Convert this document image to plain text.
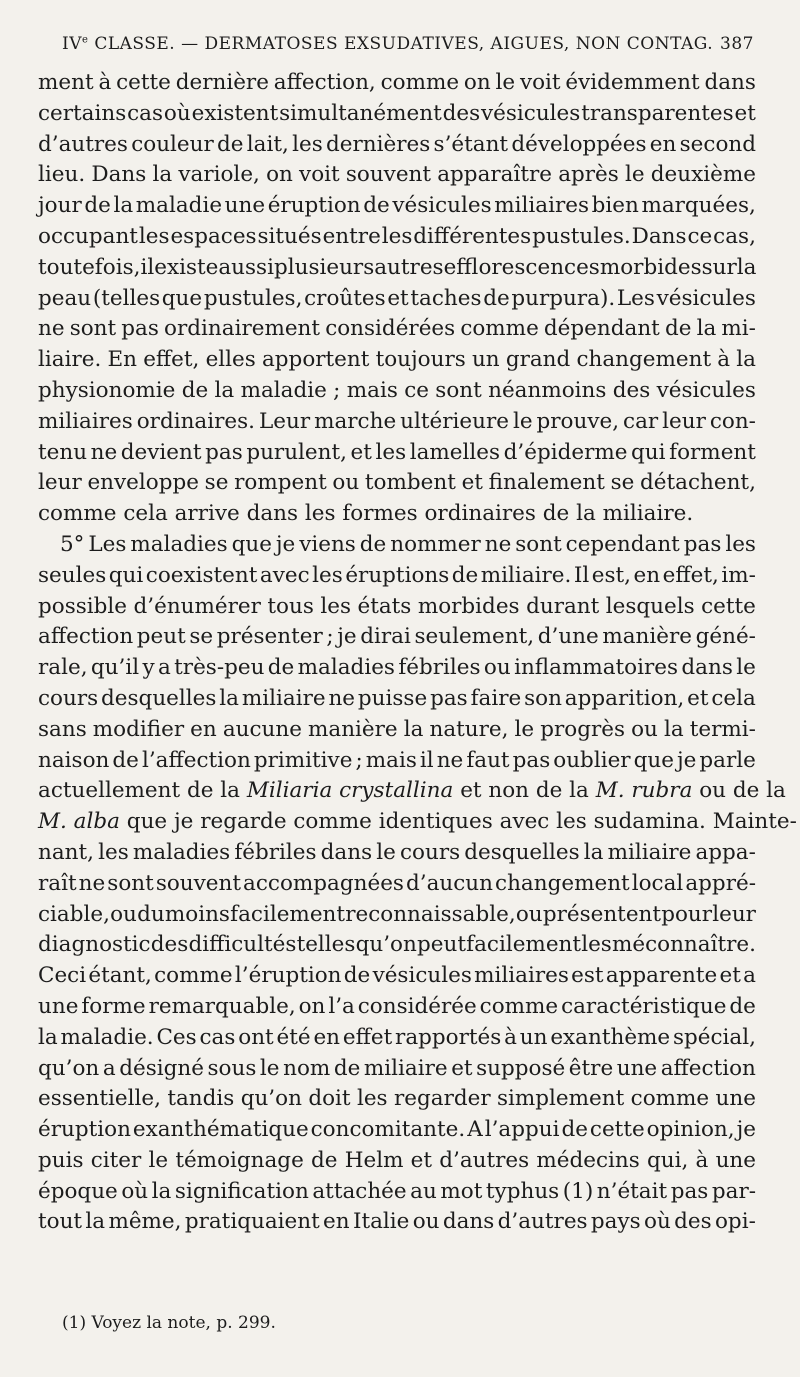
IVe CLASSE. — DERMATOSES EXSUDATIVES, AIGUES, NON CONTAG. 387
ment à cette dernière affection, comme on le voit évidemment dans
certains cas où existent simultanément des vésicules transparentes et
d’autres couleur de lait, les dernières s’étant développées en second
lieu. Dans la variole, on voit souvent apparaître après le deuxième
jour de la maladie une éruption de vésicules miliaires bien marquées,
occupant les espaces situés entre les différentes pustules. Dans ce cas,
toutefois, il existe aussi plusieurs autres efflorescences morbides sur la
peau (telles que pustules, croûtes et taches de purpura). Les vésicules
ne sont pas ordinairement considérées comme dépendant de la mi-
liaire. En effet, elles apportent toujours un grand changement à la
physionomie de la maladie ; mais ce sont néanmoins des vésicules
miliaires ordinaires. Leur marche ultérieure le prouve, car leur con-
tenu ne devient pas purulent, et les lamelles d’épiderme qui forment
leur enveloppe se rompent ou tombent et finalement se détachent,
comme cela arrive dans les formes ordinaires de la miliaire.
5° Les maladies que je viens de nommer ne sont cependant pas les
seules qui coexistent avec les éruptions de miliaire. Il est, en effet, im-
possible d’énumérer tous les états morbides durant lesquels cette
affection peut se présenter ; je dirai seulement, d’une manière géné-
rale, qu’il y a très-peu de maladies fébriles ou inflammatoires dans le
cours desquelles la miliaire ne puisse pas faire son apparition, et cela
sans modifier en aucune manière la nature, le progrès ou la termi-
naison de l’affection primitive ; mais il ne faut pas oublier que je parle
actuellement de la Miliaria crystallina et non de la M. rubra ou de la
M. alba que je regarde comme identiques avec les sudamina. Mainte-
nant, les maladies fébriles dans le cours desquelles la miliaire appa-
raît ne sont souvent accompagnées d’aucun changement local appré-
ciable, ou du moins facilement reconnaissable, ou présentent pour leur
diagnostic des difficultés telles qu’on peut facilement les méconnaître.
Ceci étant, comme l’éruption de vésicules miliaires est apparente et a
une forme remarquable, on l’a considérée comme caractéristique de
la maladie. Ces cas ont été en effet rapportés à un exanthème spécial,
qu’on a désigné sous le nom de miliaire et supposé être une affection
essentielle, tandis qu’on doit les regarder simplement comme une
éruption exanthématique concomitante. A l’appui de cette opinion, je
puis citer le témoignage de Helm et d’autres médecins qui, à une
époque où la signification attachée au mot typhus (1) n’était pas par-
tout la même, pratiquaient en Italie ou dans d’autres pays où des opi-
(1) Voyez la note, p. 299.
